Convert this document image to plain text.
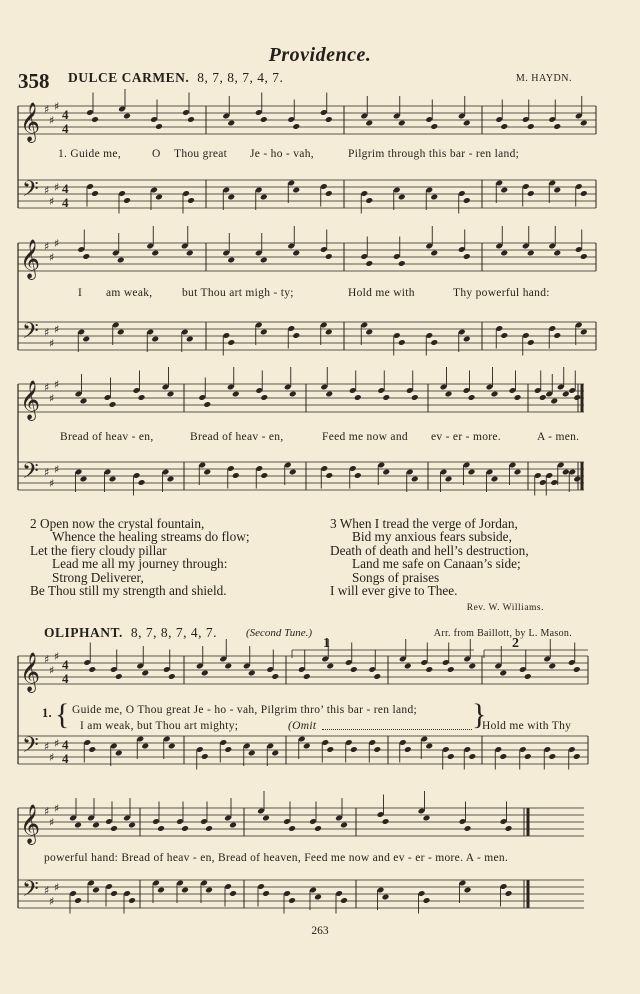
𝄞
𝄢
♯
♯
♯
♯
♯
♯
4
4
4
4
𝄞
𝄢
♯
♯
♯
♯
♯
♯
𝄞
𝄢
♯
♯
♯
♯
♯
♯
𝄞
𝄢
♯
♯
♯
♯
♯
♯
4
4
4
4
𝄞
𝄢
♯
♯
♯
♯
♯
♯
Providence.
358 DULCE CARMEN. 8, 7, 8, 7, 4, 7.	M. HAYDN.
1. Guide me,	O Thou great Je - ho - vah,	Pilgrim through this bar - ren land;
I am weak,	but Thou art migh - ty;	Hold me with	Thy powerful hand:
Bread of heav - en,	Bread of heav - en,	Feed me now and ev - er - more.	A - men.
2 Open now the crystal fountain,
Whence the healing streams do flow;
Let the fiery cloudy pillar
Lead me all my journey through:
Strong Deliverer,
Be Thou still my strength and shield.
3 When I tread the verge of Jordan,
Bid my anxious fears subside,
Death of death and hell’s destruction,
Land me safe on Canaan’s side;
Songs of praises
I will ever give to Thee.
Rev. W. Williams.
OLIPHANT. 8, 7, 8, 7, 4, 7.	(Second Tune.)	Arr. from Baillott, by L. Mason.
1	2
1. { Guide me, O Thou great Je - ho - vah, Pilgrim thro’ this bar - ren land; }
I am weak, but Thou art mighty;	(Omit	Hold me with Thy
powerful hand: Bread of heav - en, Bread of heaven, Feed me now and ev - er - more. A - men.
263
